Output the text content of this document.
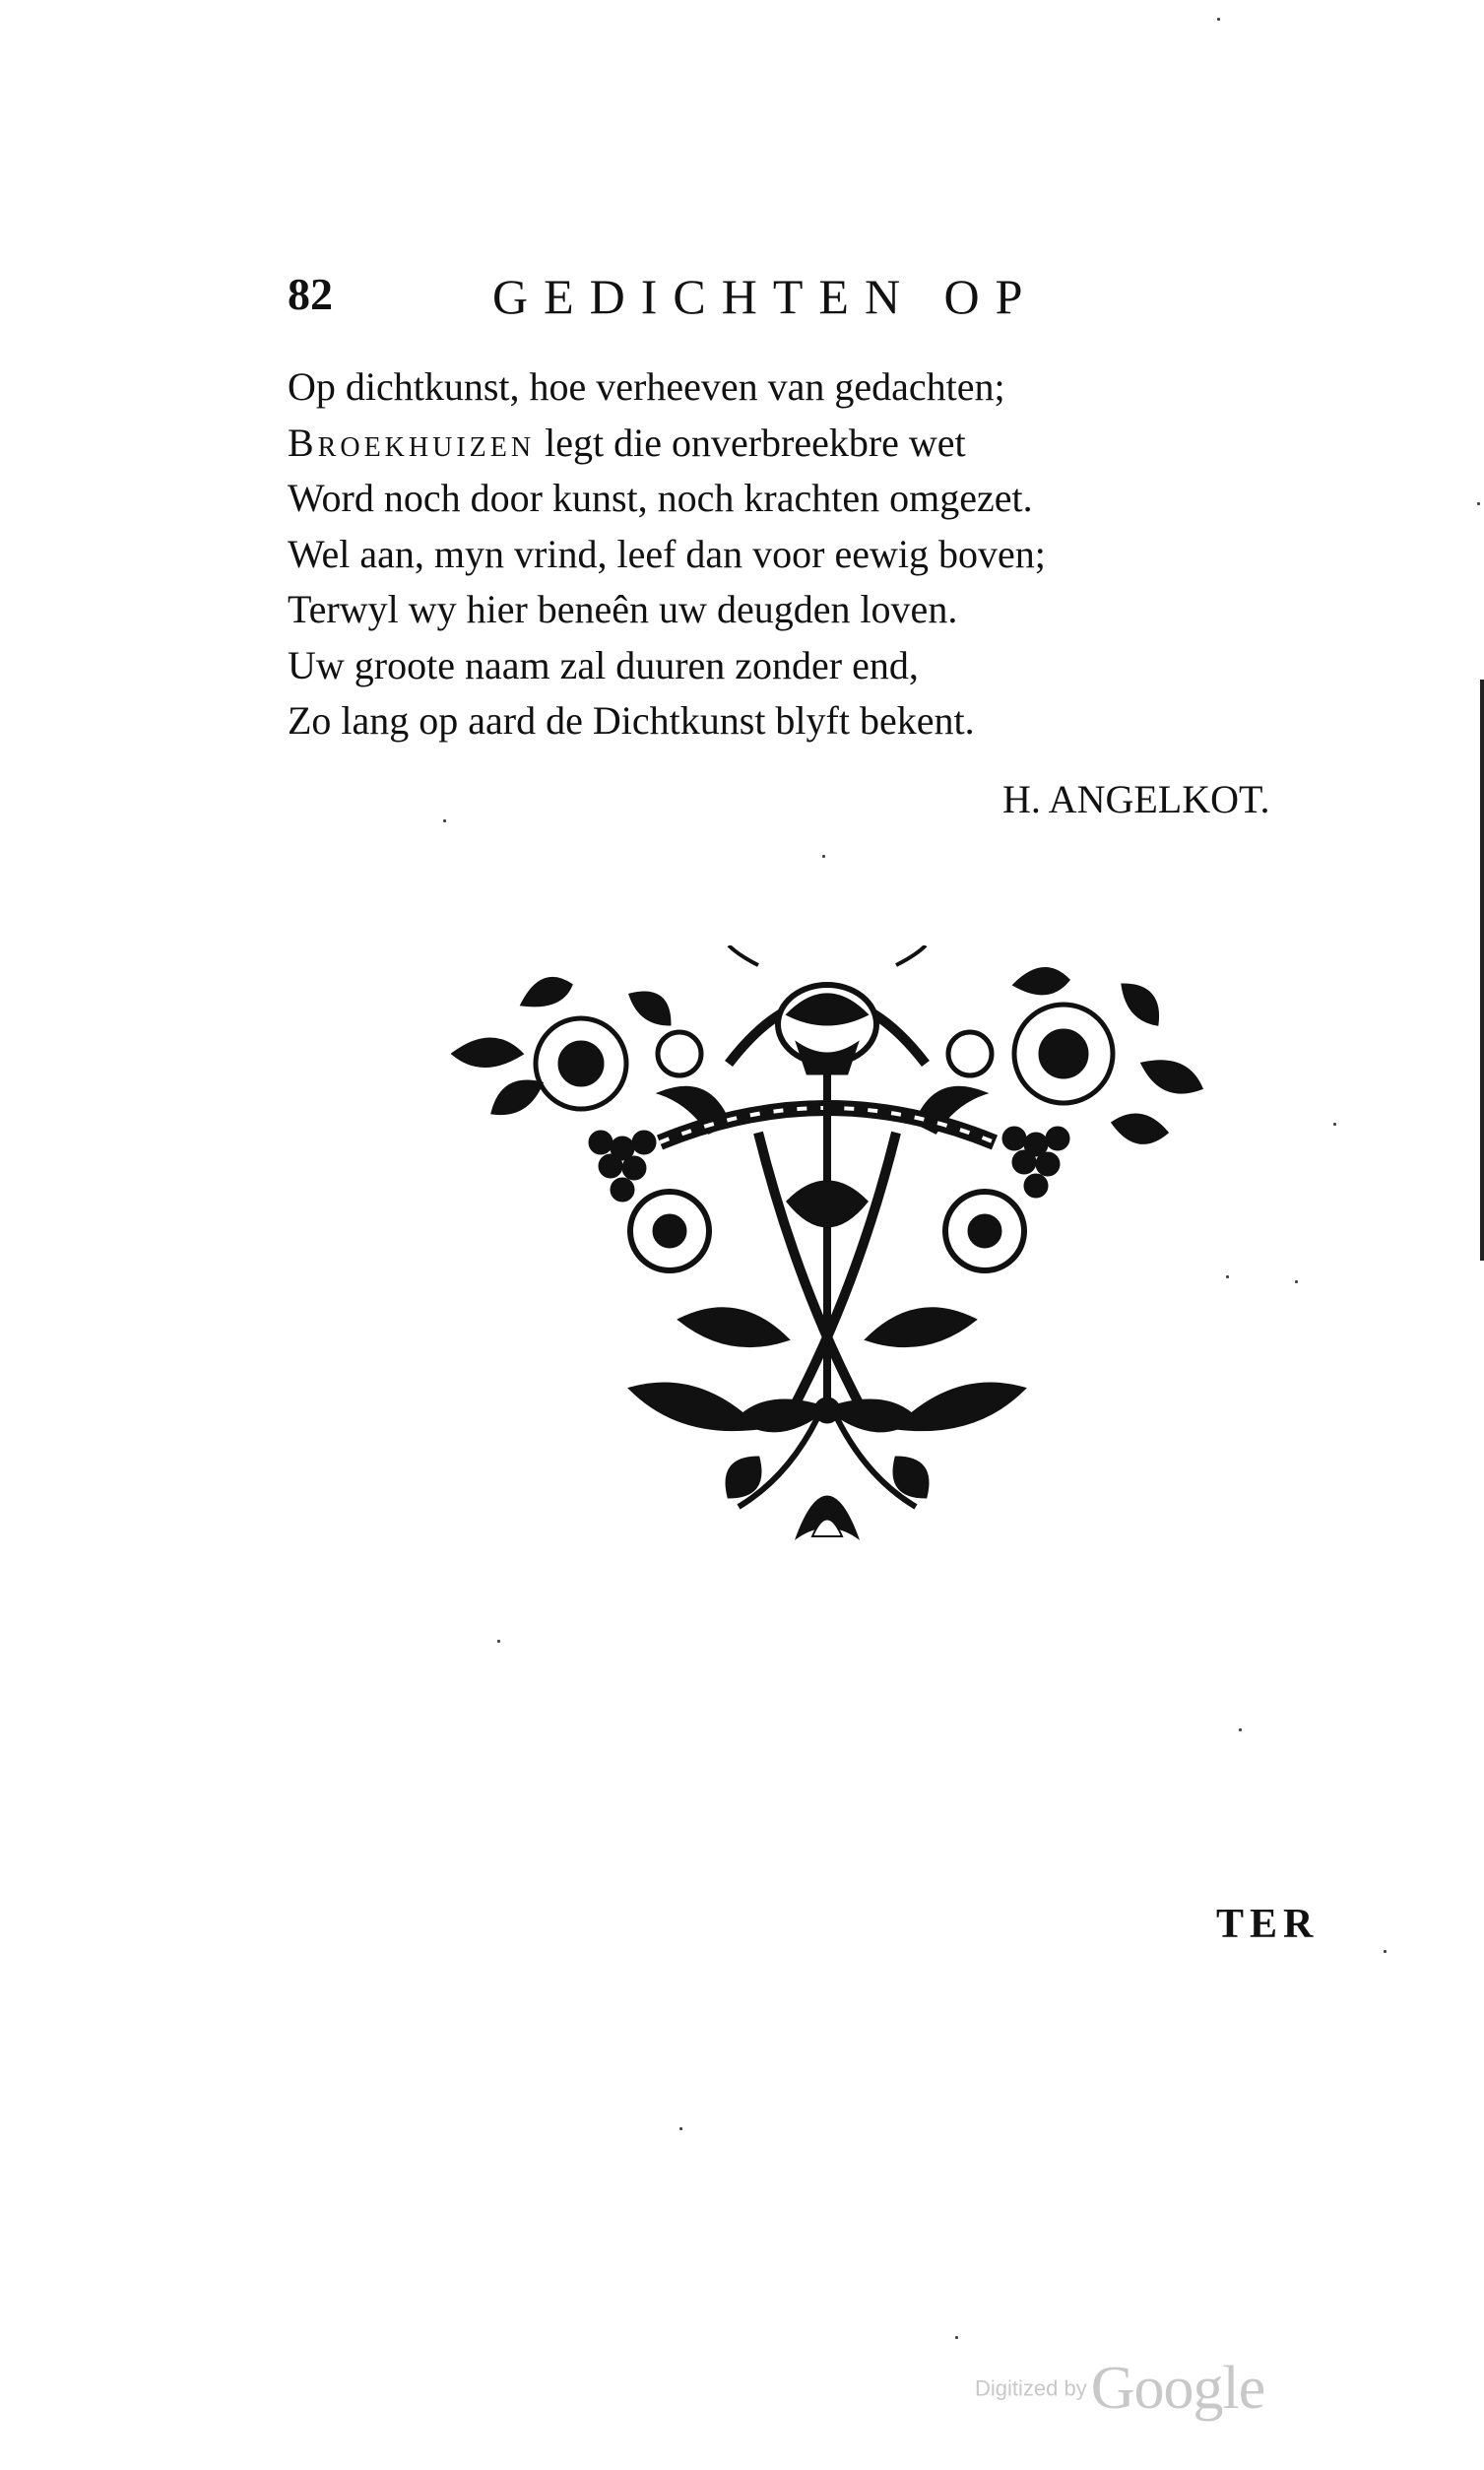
82	GEDICHTEN OP
Op dichtkunst, hoe verheeven van gedachten;
Broekhuizen legt die onverbreekbre wet
Word noch door kunst, noch krachten omgezet.
Wel aan, myn vrind, leef dan voor eewig boven;
Terwyl wy hier beneên uw deugden loven.
Uw groote naam zal duuren zonder end,
Zo lang op aard de Dichtkunst blyft bekent.
H. ANGELKOT.
TER
Digitized by Google
